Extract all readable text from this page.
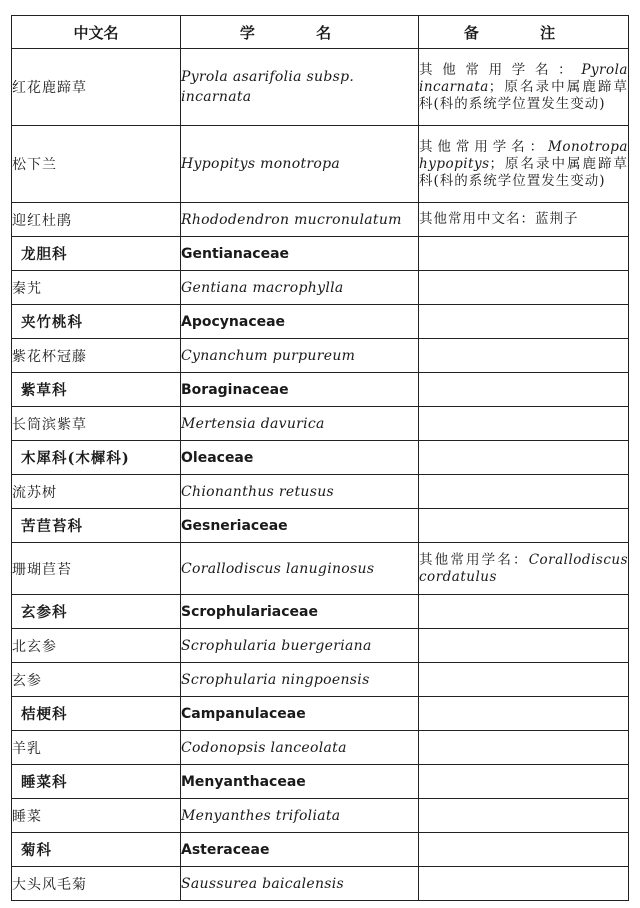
中文名	学 名	备 注
红花鹿蹄草	Pyrola asarifolia subsp. incarnata	其他常用学名：Pyrola incarnata；原名录中属鹿蹄草科(科的系统学位置发生变动)
松下兰	Hypopitys monotropa	其他常用学名：Monotropa hypopitys；原名录中属鹿蹄草科(科的系统学位置发生变动)
迎红杜鹃	Rhododendron mucronulatum	其他常用中文名：蓝荆子
龙胆科	Gentianaceae	
秦艽	Gentiana macrophylla	
夹竹桃科	Apocynaceae	
紫花杯冠藤	Cynanchum purpureum	
紫草科	Boraginaceae	
长筒滨紫草	Mertensia davurica	
木犀科(木樨科)	Oleaceae	
流苏树	Chionanthus retusus	
苦苣苔科	Gesneriaceae	
珊瑚苣苔	Corallodiscus lanuginosus	其他常用学名：Corallodiscus cordatulus
玄参科	Scrophulariaceae	
北玄参	Scrophularia buergeriana	
玄参	Scrophularia ningpoensis	
桔梗科	Campanulaceae	
羊乳	Codonopsis lanceolata	
睡菜科	Menyanthaceae	
睡菜	Menyanthes trifoliata	
菊科	Asteraceae	
大头风毛菊	Saussurea baicalensis	
